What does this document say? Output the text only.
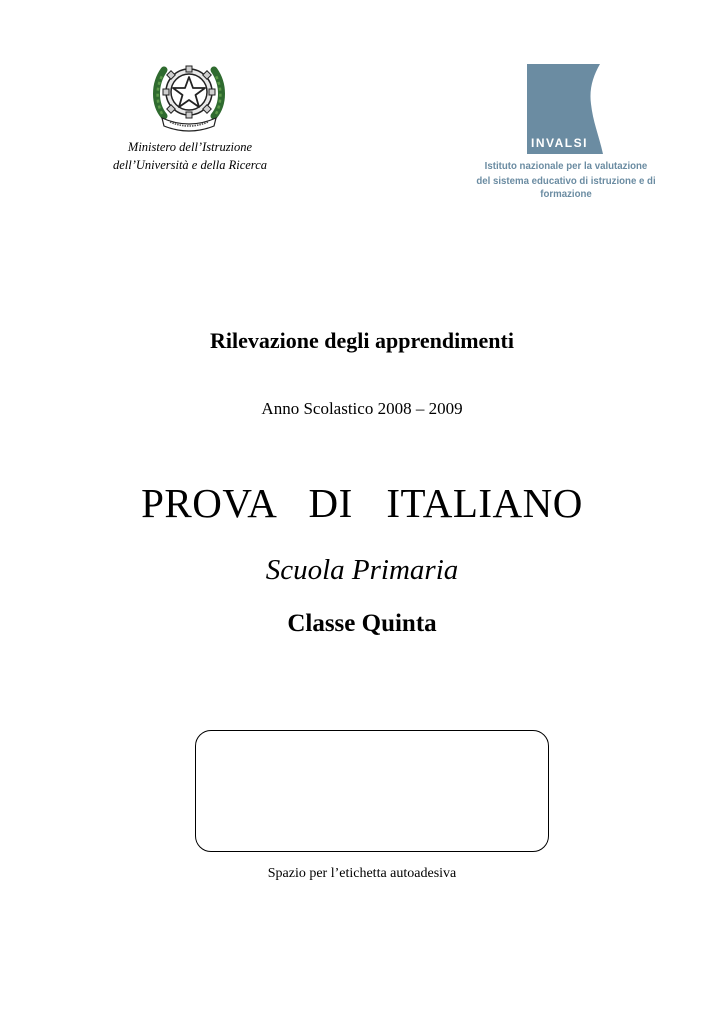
Ministero dell’Istruzione
dell’Università e della Ricerca
INVALSI
Istituto nazionale per la valutazione
del sistema educativo di istruzione e di formazione
Rilevazione degli apprendimenti
Anno Scolastico 2008 – 2009
PROVA  DI  ITALIANO
Scuola Primaria
Classe Quinta
Spazio per l’etichetta autoadesiva
